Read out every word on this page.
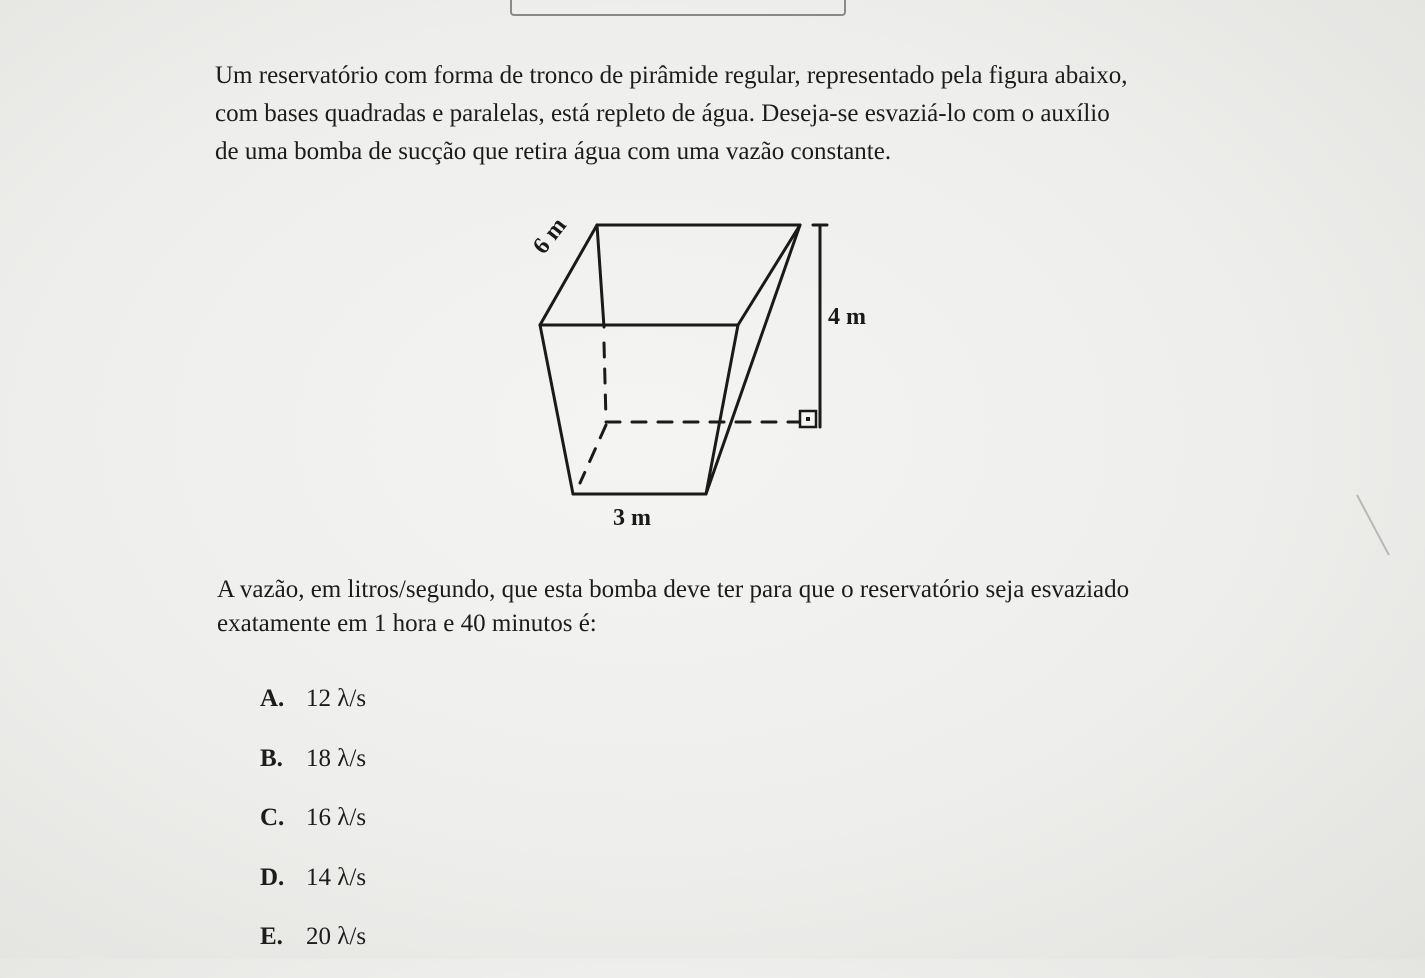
Um reservatório com forma de tronco de pirâmide regular, representado pela figura abaixo,
com bases quadradas e paralelas, está repleto de água. Deseja-se esvaziá-lo com o auxílio
de uma bomba de sucção que retira água com uma vazão constante.

6 m
4 m
3 m

A vazão, em litros/segundo, que esta bomba deve ter para que o reservatório seja esvaziado
exatamente em 1 hora e 40 minutos é:

A. 12 λ/s
B. 18 λ/s
C. 16 λ/s
D. 14 λ/s
E. 20 λ/s
